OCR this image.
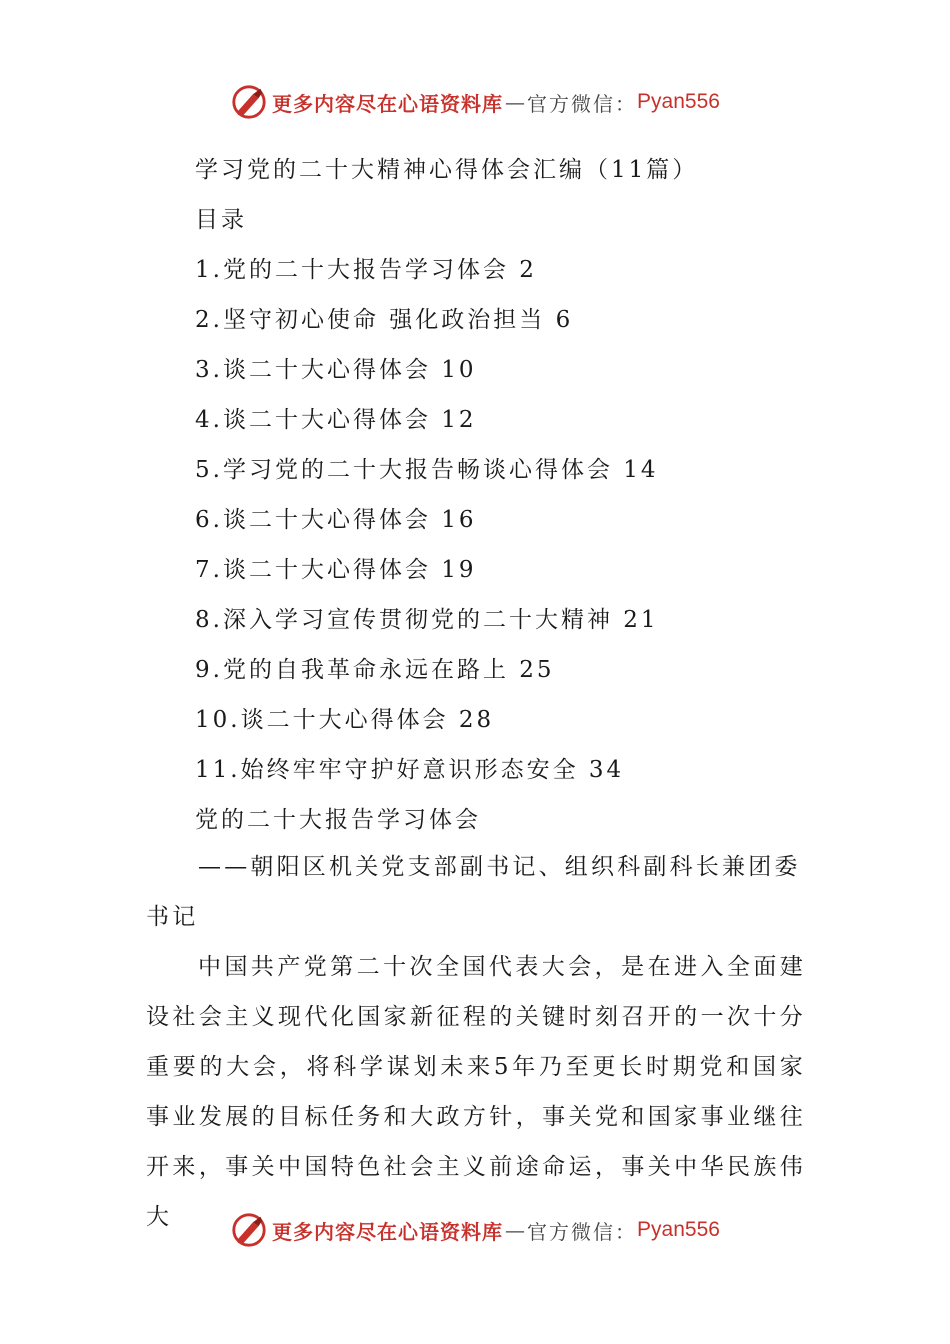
更多内容尽在心语资料库 — 官方微信： Pyan556
学习党的二十大精神心得体会汇编（11篇）
目录
1.党的二十大报告学习体会 2
2.坚守初心使命 强化政治担当 6
3.谈二十大心得体会 10
4.谈二十大心得体会 12
5.学习党的二十大报告畅谈心得体会 14
6.谈二十大心得体会 16
7.谈二十大心得体会 19
8.深入学习宣传贯彻党的二十大精神 21
9.党的自我革命永远在路上 25
10.谈二十大心得体会 28
11.始终牢牢守护好意识形态安全 34
党的二十大报告学习体会
——朝阳区机关党支部副书记、组织科副科长兼团委书记
中国共产党第二十次全国代表大会，是在进入全面建设社会主义现代化国家新征程的关键时刻召开的一次十分重要的大会，将科学谋划未来5年乃至更长时期党和国家事业发展的目标任务和大政方针，事关党和国家事业继往开来，事关中国特色社会主义前途命运，事关中华民族伟大
更多内容尽在心语资料库 — 官方微信： Pyan556
